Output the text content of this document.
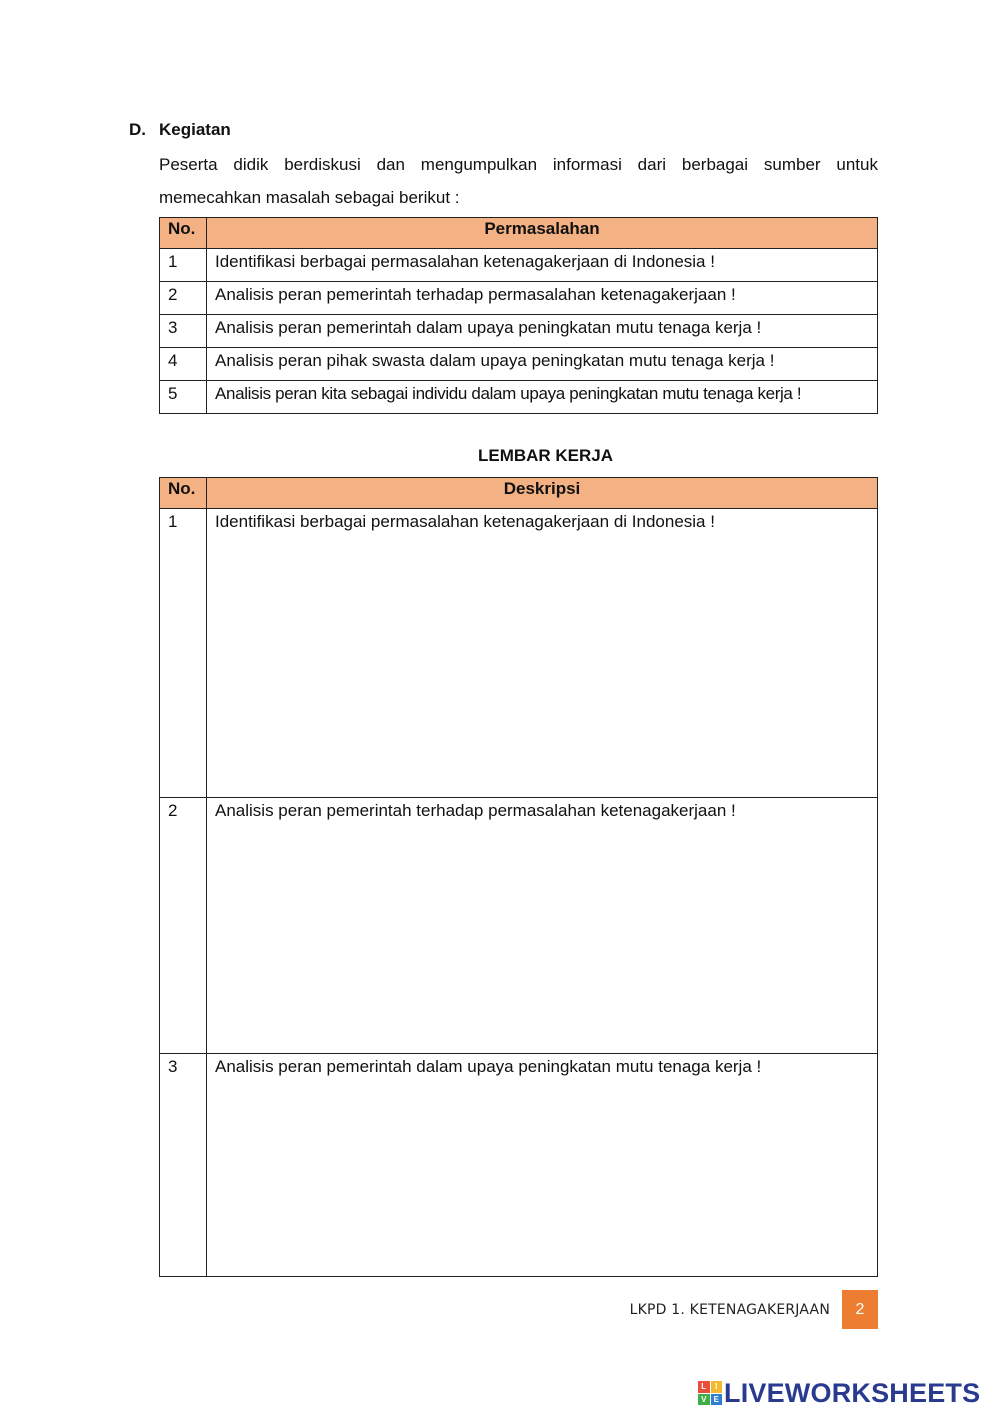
D. Kegiatan
Peserta didik berdiskusi dan mengumpulkan informasi dari berbagai sumber untuk memecahkan masalah sebagai berikut :
No.	Permasalahan
1	Identifikasi berbagai permasalahan ketenagakerjaan di Indonesia !
2	Analisis peran pemerintah terhadap permasalahan ketenagakerjaan !
3	Analisis peran pemerintah dalam upaya peningkatan mutu tenaga kerja !
4	Analisis peran pihak swasta dalam upaya peningkatan mutu tenaga kerja !
5	Analisis peran kita sebagai individu dalam upaya peningkatan mutu tenaga kerja !
LEMBAR KERJA
No.	Deskripsi
1	Identifikasi berbagai permasalahan ketenagakerjaan di Indonesia !
2	Analisis peran pemerintah terhadap permasalahan ketenagakerjaan !
3	Analisis peran pemerintah dalam upaya peningkatan mutu tenaga kerja !
LKPD 1. KETENAGAKERJAAN	2
L	I
V E LIVEWORKSHEETS
